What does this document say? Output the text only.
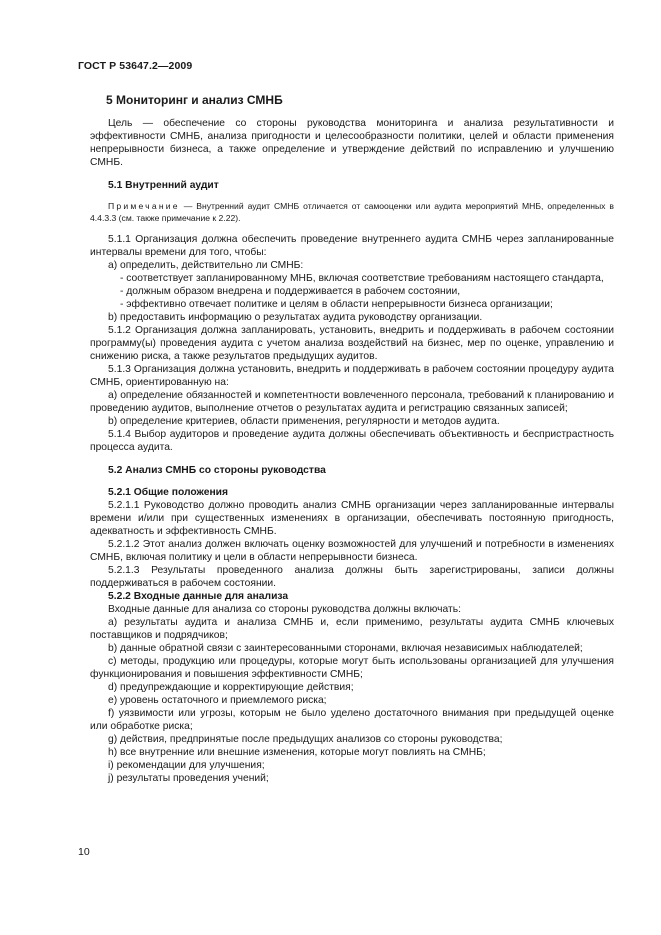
ГОСТ Р 53647.2—2009

5 Мониторинг и анализ СМНБ

Цель — обеспечение со стороны руководства мониторинга и анализа результативности и эффективности СМНБ, анализа пригодности и целесообразности политики, целей и области применения непрерывности бизнеса, а также определение и утверждение действий по исправлению и улучшению СМНБ.

5.1 Внутренний аудит

Примечание — Внутренний аудит СМНБ отличается от самооценки или аудита мероприятий МНБ, определенных в 4.4.3.3 (см. также примечание к 2.22).

5.1.1 Организация должна обеспечить проведение внутреннего аудита СМНБ через запланированные интервалы времени для того, чтобы:

a) определить, действительно ли СМНБ:

- соответствует запланированному МНБ, включая соответствие требованиям настоящего стандарта,

- должным образом внедрена и поддерживается в рабочем состоянии,

- эффективно отвечает политике и целям в области непрерывности бизнеса организации;

b) предоставить информацию о результатах аудита руководству организации.

5.1.2 Организация должна запланировать, установить, внедрить и поддерживать в рабочем состоянии программу(ы) проведения аудита с учетом анализа воздействий на бизнес, мер по оценке, управлению и снижению риска, а также результатов предыдущих аудитов.

5.1.3 Организация должна установить, внедрить и поддерживать в рабочем состоянии процедуру аудита СМНБ, ориентированную на:

a) определение обязанностей и компетентности вовлеченного персонала, требований к планированию и проведению аудитов, выполнение отчетов о результатах аудита и регистрацию связанных записей;

b) определение критериев, области применения, регулярности и методов аудита.

5.1.4 Выбор аудиторов и проведение аудита должны обеспечивать объективность и беспристрастность процесса аудита.

5.2 Анализ СМНБ со стороны руководства

5.2.1 Общие положения

5.2.1.1 Руководство должно проводить анализ СМНБ организации через запланированные интервалы времени и/или при существенных изменениях в организации, обеспечивать постоянную пригодность, адекватность и эффективность СМНБ.

5.2.1.2 Этот анализ должен включать оценку возможностей для улучшений и потребности в изменениях СМНБ, включая политику и цели в области непрерывности бизнеса.

5.2.1.3 Результаты проведенного анализа должны быть зарегистрированы, записи должны поддерживаться в рабочем состоянии.

5.2.2 Входные данные для анализа

Входные данные для анализа со стороны руководства должны включать:

a) результаты аудита и анализа СМНБ и, если применимо, результаты аудита СМНБ ключевых поставщиков и подрядчиков;

b) данные обратной связи с заинтересованными сторонами, включая независимых наблюдателей;

c) методы, продукцию или процедуры, которые могут быть использованы организацией для улучшения функционирования и повышения эффективности СМНБ;

d) предупреждающие и корректирующие действия;

e) уровень остаточного и приемлемого риска;

f) уязвимости или угрозы, которым не было уделено достаточного внимания при предыдущей оценке или обработке риска;

g) действия, предпринятые после предыдущих анализов со стороны руководства;

h) все внутренние или внешние изменения, которые могут повлиять на СМНБ;

i) рекомендации для улучшения;

j) результаты проведения учений;

10
